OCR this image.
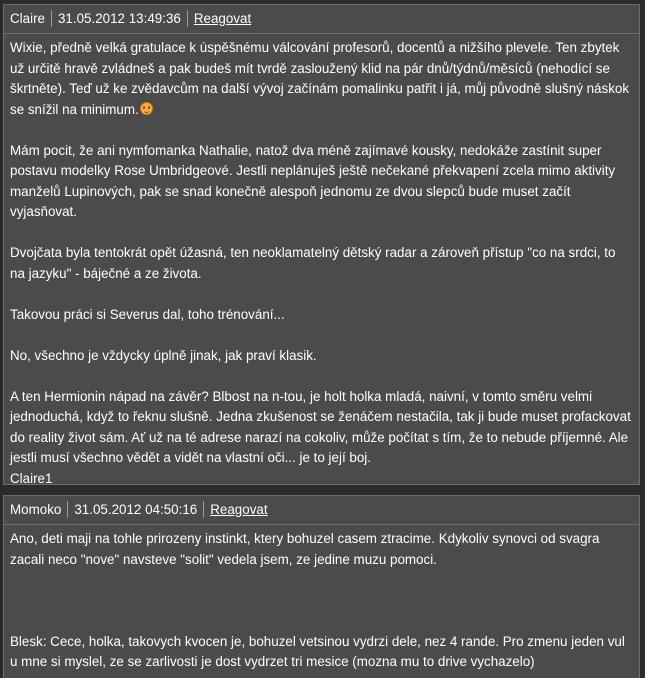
Claire 31.05.2012 13:49:36 Reagovat

Wixie, předně velká gratulace k úspěšnému válcování profesorů, docentů a nižšího plevele. Ten zbytek už určitě hravě zvládneš a pak budeš mít tvrdě zasloužený klid na pár dnů/týdnů/měsíců (nehodící se škrtněte). Teď už ke zvědavcům na další vývoj začínám pomalinku patřit i já, můj původně slušný náskok se snížil na minimum.

Mám pocit, že ani nymfomanka Nathalie, natož dva méně zajímavé kousky, nedokáže zastínit super postavu modelky Rose Umbridgeové. Jestli neplánuješ ještě nečekané překvapení zcela mimo aktivity manželů Lupinových, pak se snad konečně alespoň jednomu ze dvou slepců bude muset začít vyjasňovat.

Dvojčata byla tentokrát opět úžasná, ten neoklamatelný dětský radar a zároveň přístup "co na srdci, to na jazyku" - báječné a ze života.

Takovou práci si Severus dal, toho trénování...

No, všechno je vždycky úplně jinak, jak praví klasik.

A ten Hermionin nápad na závěr? Blbost na n-tou, je holt holka mladá, naivní, v tomto směru velmi jednoduchá, když to řeknu slušně. Jedna zkušenost se ženáčem nestačila, tak ji bude muset profackovat do reality život sám. Ať už na té adrese narazí na cokoliv, může počítat s tím, že to nebude příjemné. Ale jestli musí všechno vědět a vidět na vlastní oči... je to její boj.

Claire1

Momoko 31.05.2012 04:50:16 Reagovat

Ano, deti maji na tohle prirozeny instinkt, ktery bohuzel casem ztracime. Kdykoliv synovci od svagra zacali neco "nove" navsteve "solit" vedela jsem, ze jedine muzu pomoci.

Blesk: Cece, holka, takovych kvocen je, bohuzel vetsinou vydrzi dele, nez 4 rande. Pro zmenu jeden vul u mne si myslel, ze se zarlivosti je dost vydrzet tri mesice (mozna mu to drive vychazelo)
